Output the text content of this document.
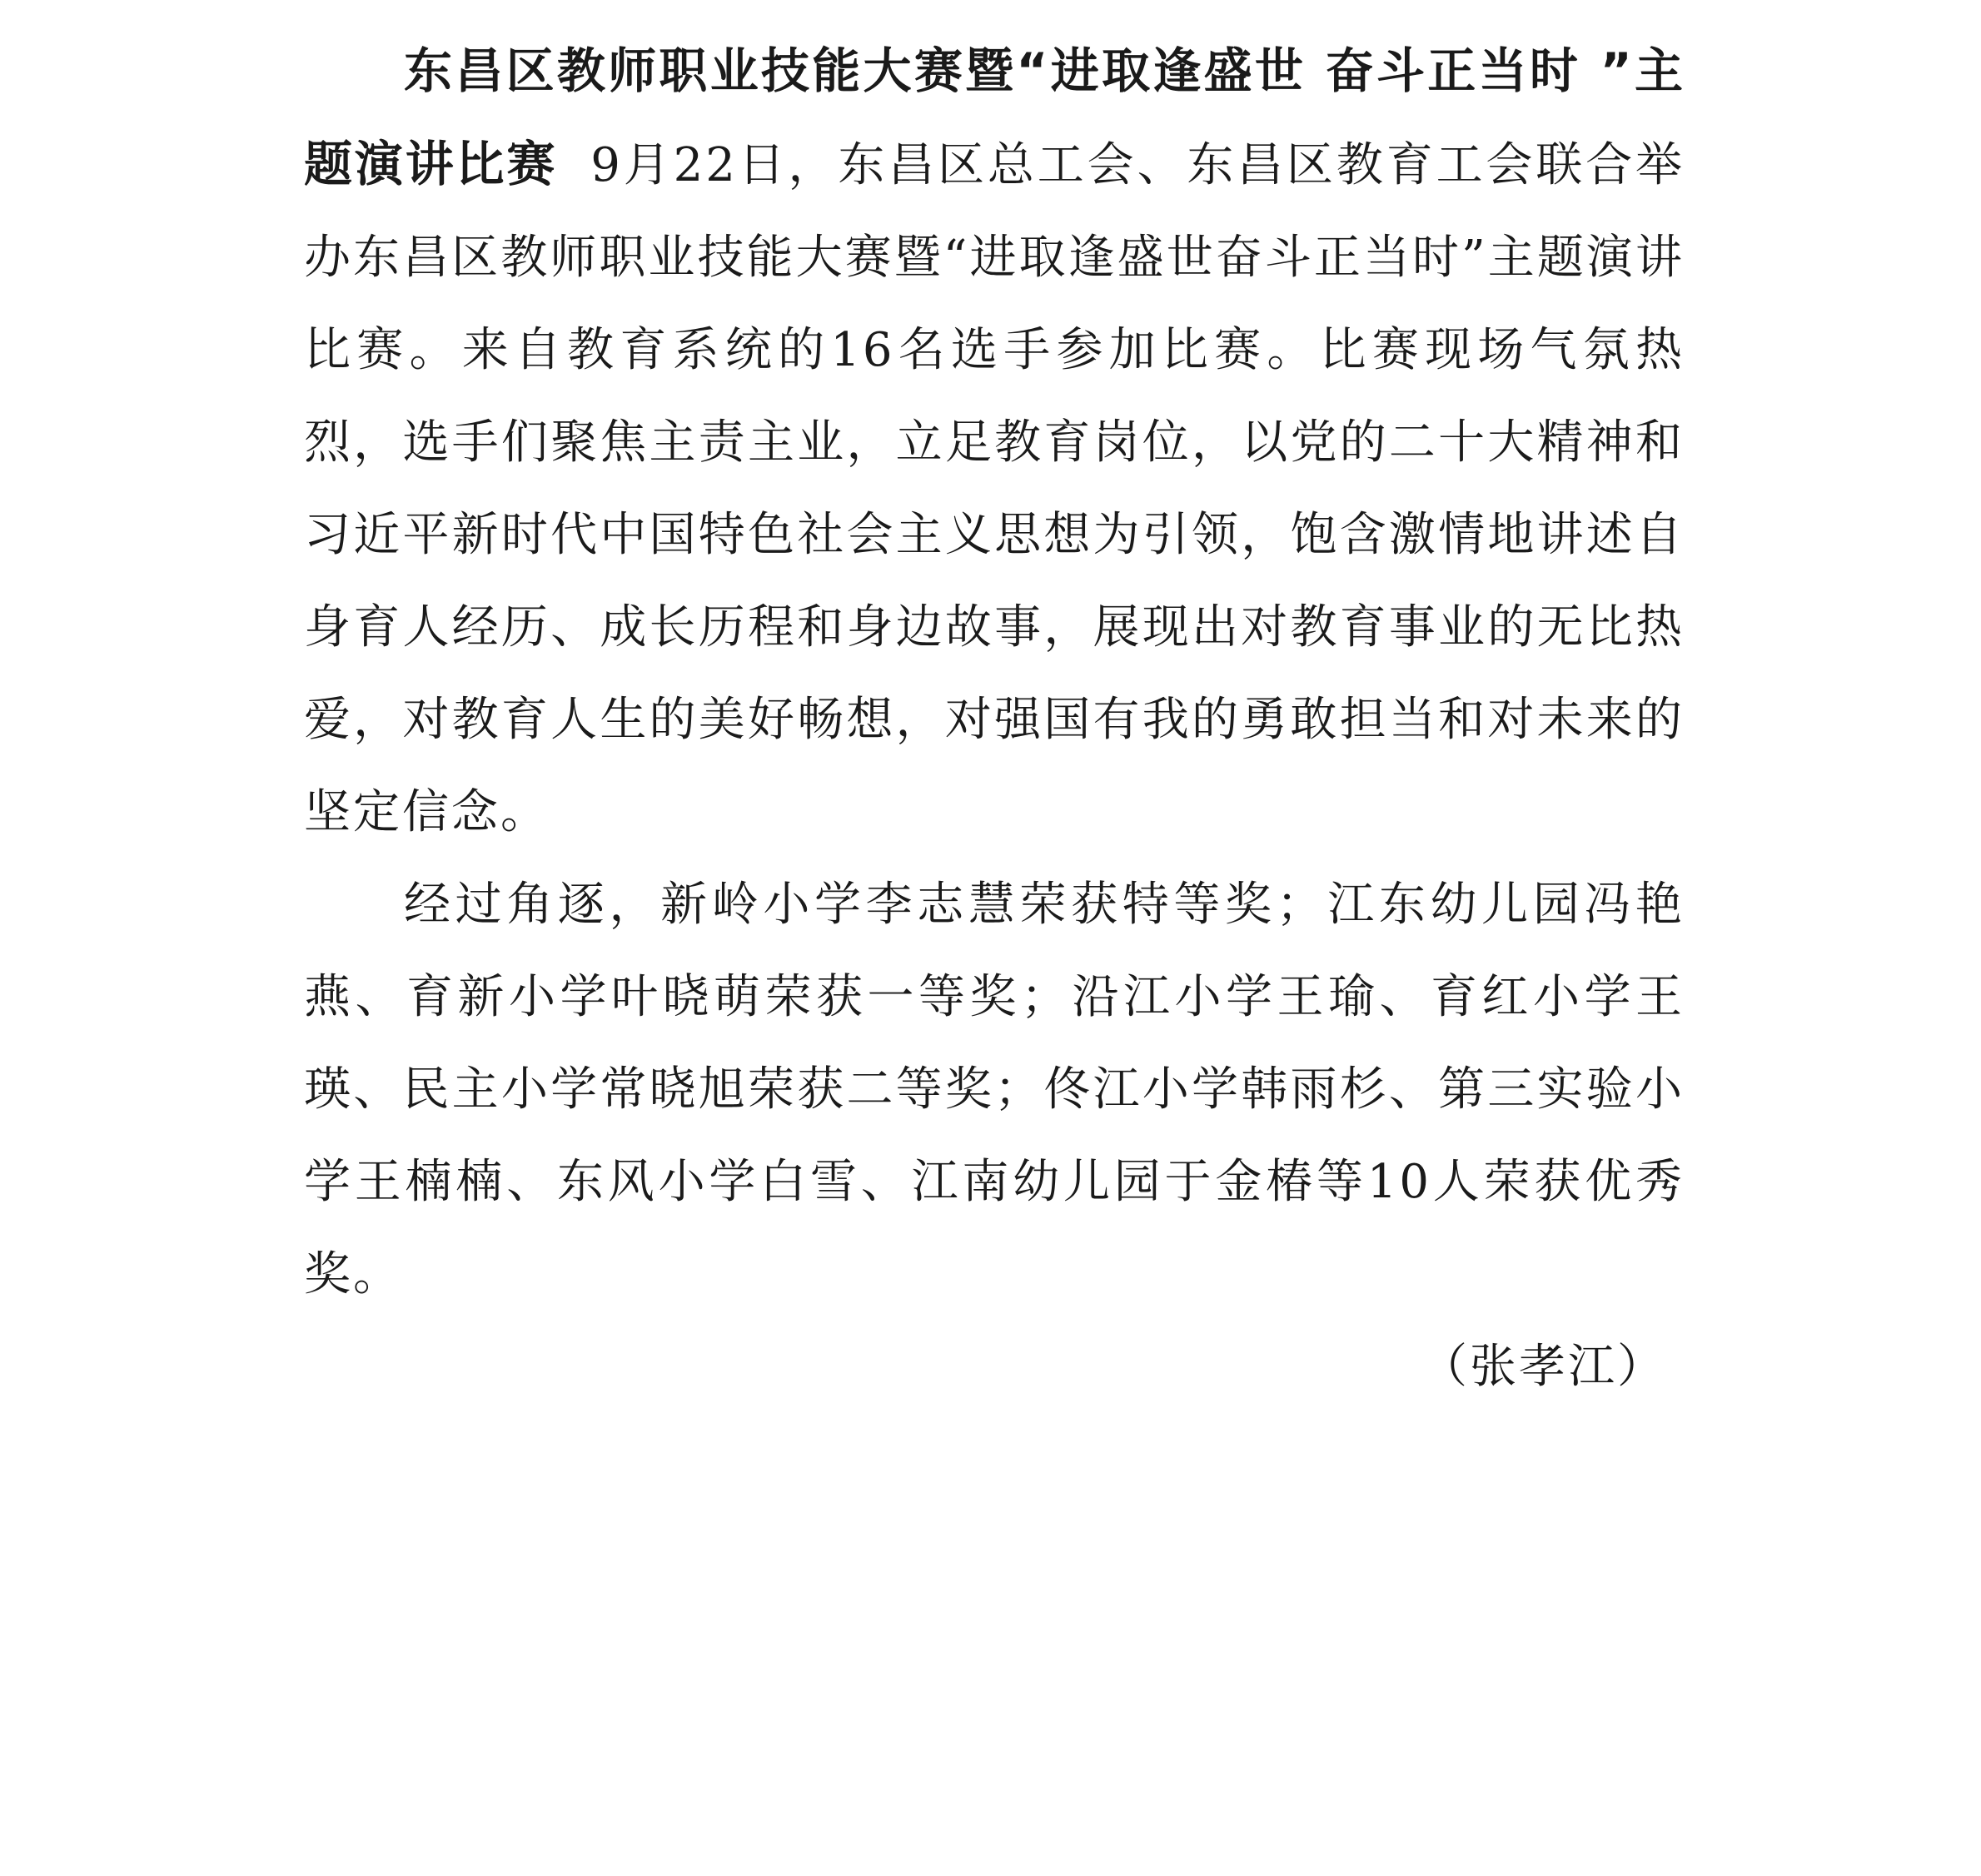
东昌区教师职业技能大赛暨“进取逢盛世 奋斗正当时 ”主题演讲比赛 9月22日，东昌区总工会、东昌区教育工会联合举办东昌区教师职业技能大赛暨“进取逢盛世奋斗正当时”主题演讲比赛。来自教育系统的16名选手参加比赛。比赛现场气氛热烈，选手们聚焦主责主业，立足教育岗位，以党的二十大精神和习近平新时代中国特色社会主义思想为引领，饱含激情地讲述自身育人经历、成长历程和身边故事，展现出对教育事业的无比热爱，对教育人生的美好畅想，对强国有我的勇敢担当和对未来的坚定信念。

经过角逐，新岭小学李志慧荣获特等奖；江东幼儿园冯艳燕、育新小学叶晓萌荣获一等奖；沿江小学王瑜、育红小学王瑛、民主小学常晓旭荣获二等奖；佟江小学韩雨杉、第三实验小学王楠楠、东风小学白雪、江南幼儿园于金椿等10人荣获优秀奖。

（张孝江）
